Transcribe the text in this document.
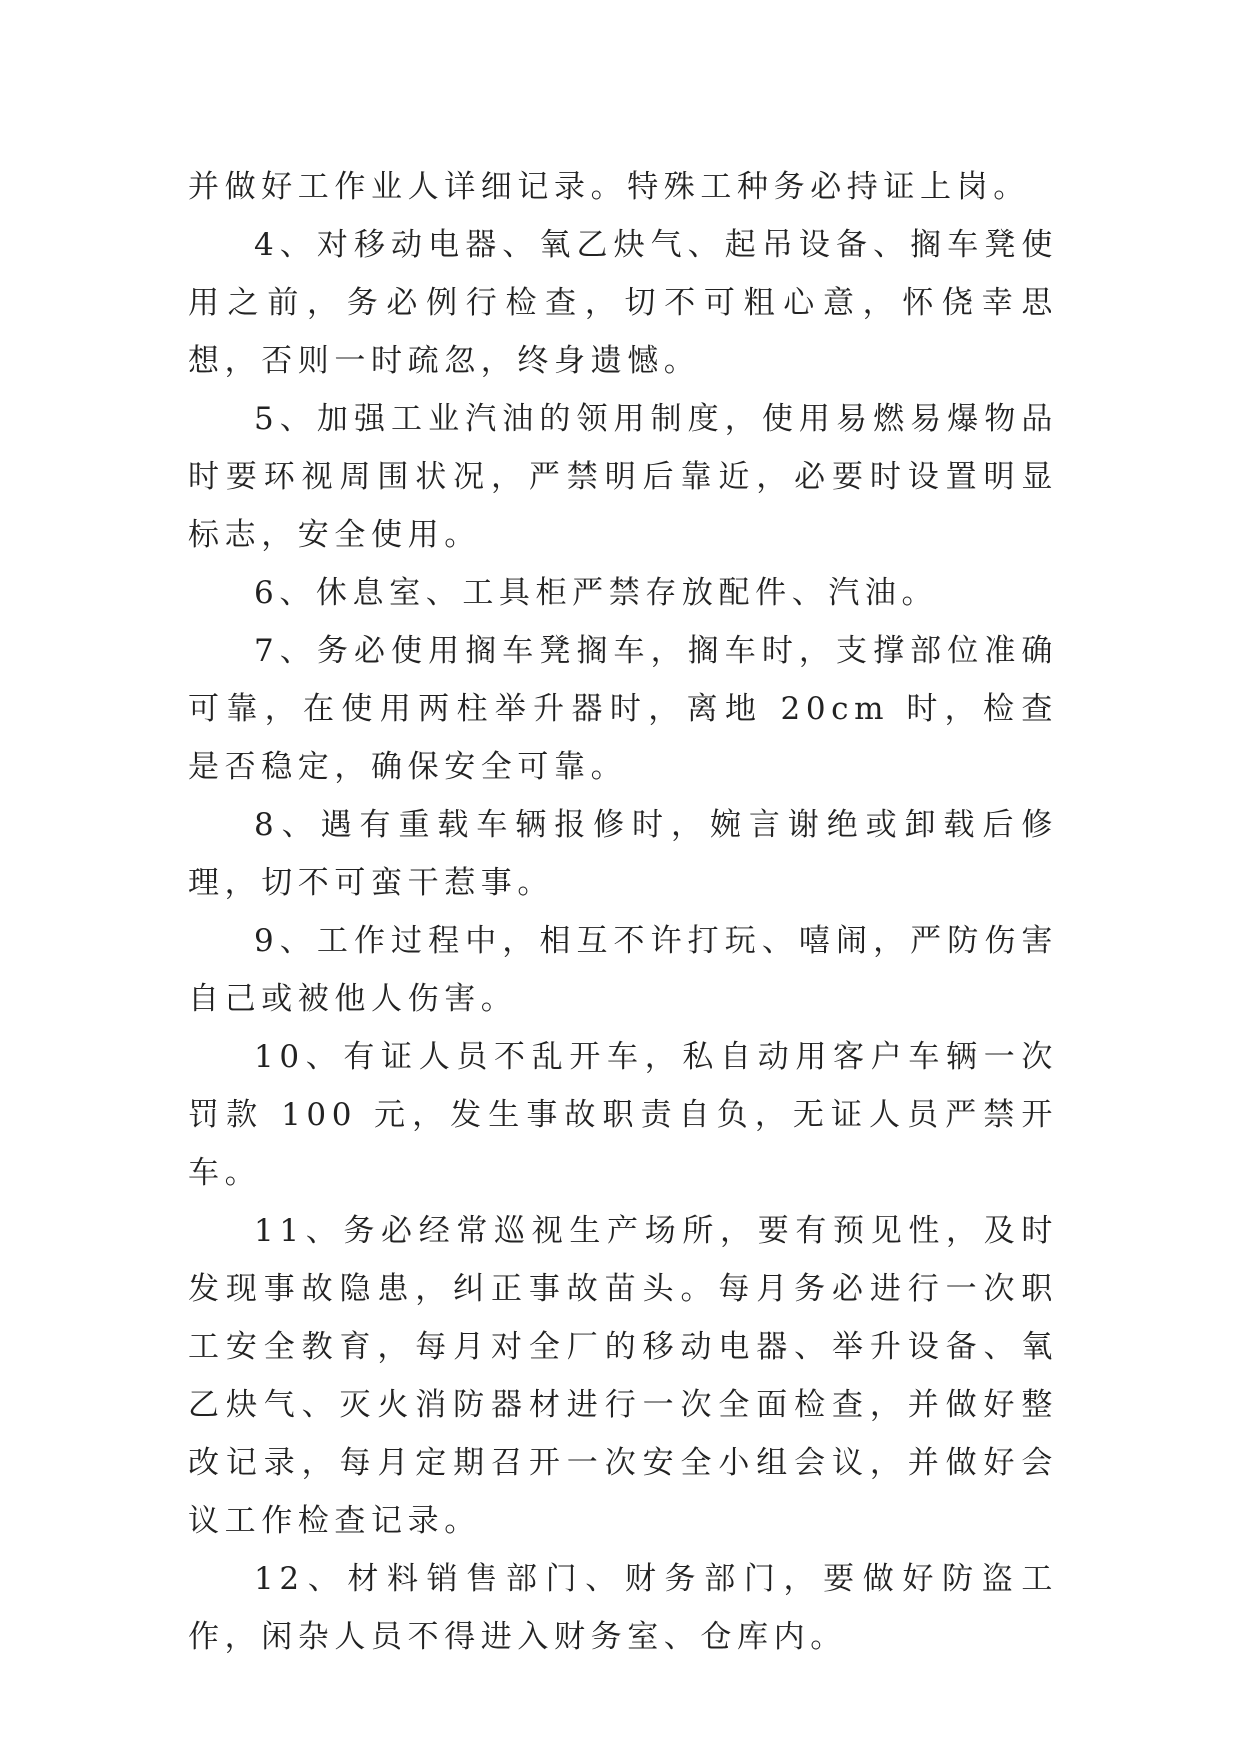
并做好工作业人详细记录。特殊工种务必持证上岗。

4、对移动电器、氧乙炔气、起吊设备、搁车凳使用之前，务必例行检查，切不可粗心意，怀侥幸思想，否则一时疏忽，终身遗憾。

5、加强工业汽油的领用制度，使用易燃易爆物品时要环视周围状况，严禁明后靠近，必要时设置明显标志，安全使用。

6、休息室、工具柜严禁存放配件、汽油。

7、务必使用搁车凳搁车，搁车时，支撑部位准确可靠，在使用两柱举升器时，离地 20cm 时，检查是否稳定，确保安全可靠。

8、遇有重载车辆报修时，婉言谢绝或卸载后修理，切不可蛮干惹事。

9、工作过程中，相互不许打玩、嘻闹，严防伤害自己或被他人伤害。

10、有证人员不乱开车，私自动用客户车辆一次罚款 100 元，发生事故职责自负，无证人员严禁开车。

11、务必经常巡视生产场所，要有预见性，及时发现事故隐患，纠正事故苗头。每月务必进行一次职工安全教育，每月对全厂的移动电器、举升设备、氧乙炔气、灭火消防器材进行一次全面检查，并做好整改记录，每月定期召开一次安全小组会议，并做好会议工作检查记录。

12、材料销售部门、财务部门，要做好防盗工作，闲杂人员不得进入财务室、仓库内。
